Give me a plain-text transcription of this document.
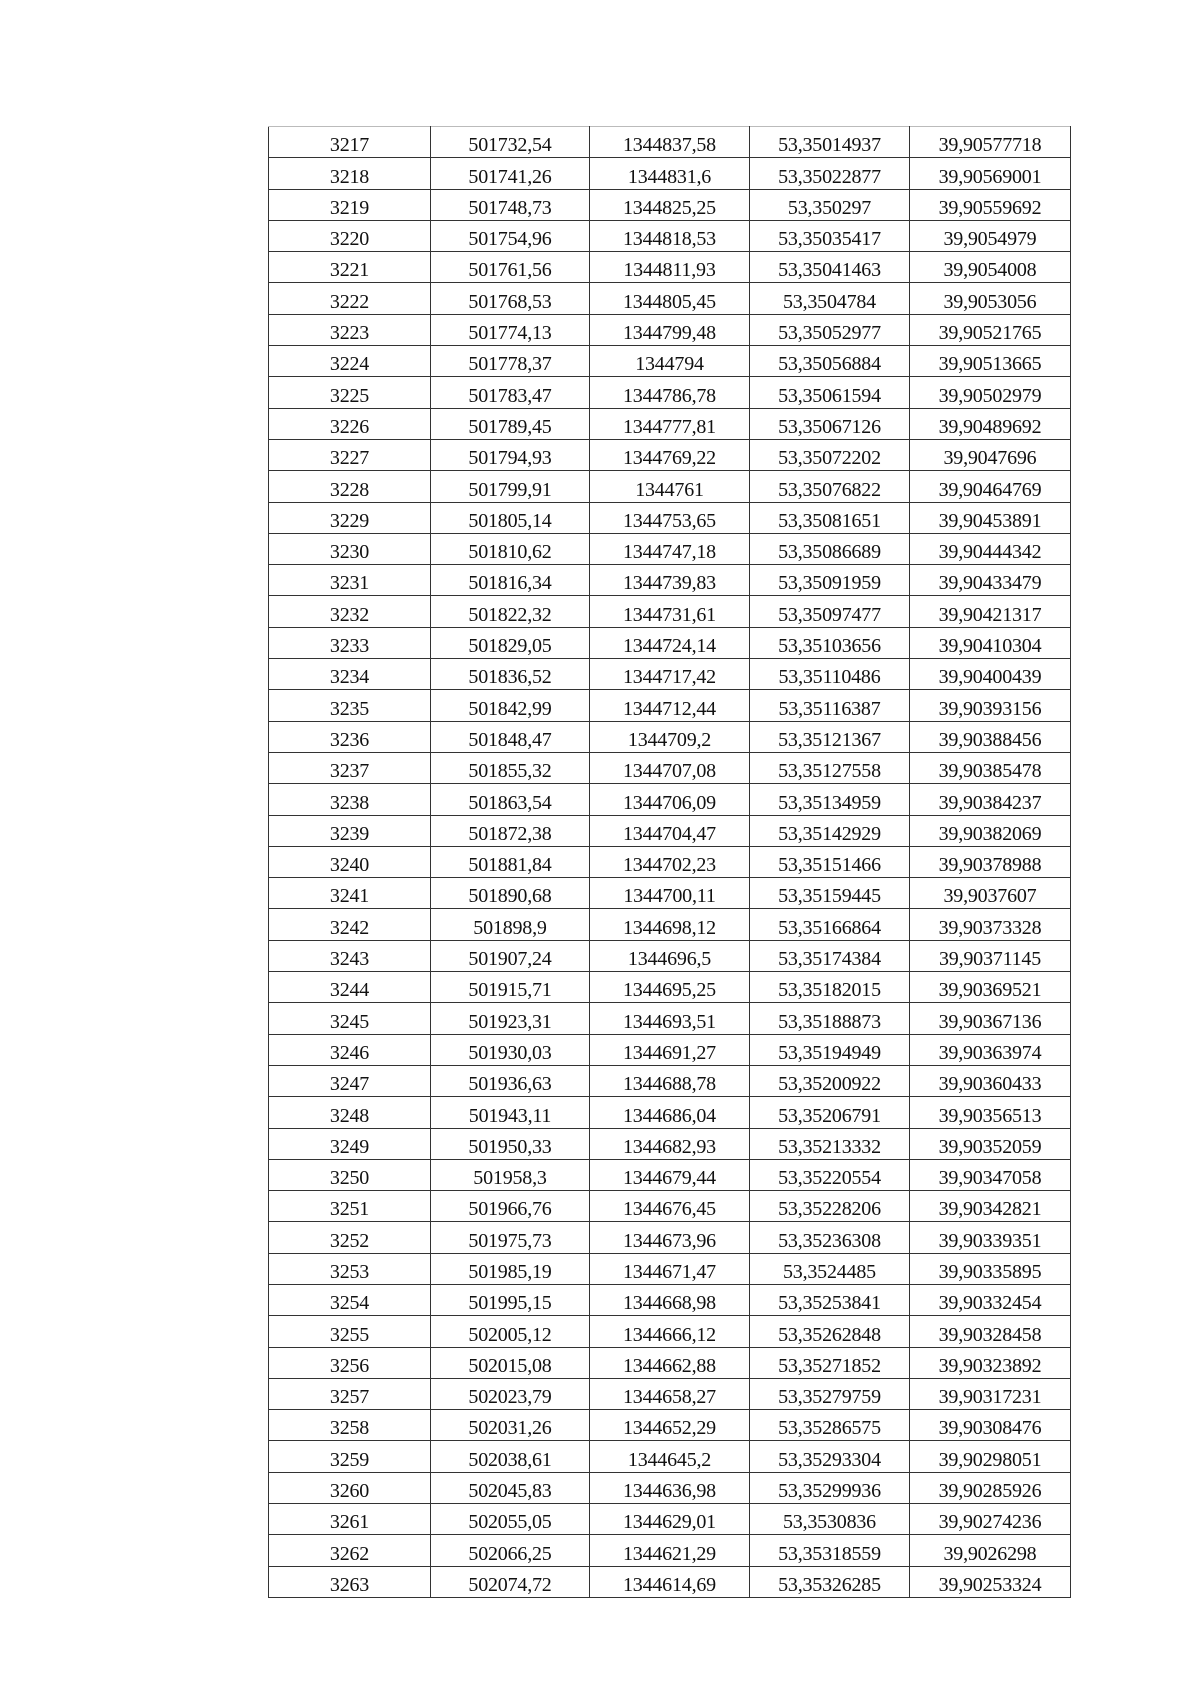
3217	501732,54	1344837,58	53,35014937	39,90577718
3218	501741,26	1344831,6	53,35022877	39,90569001
3219	501748,73	1344825,25	53,350297	39,90559692
3220	501754,96	1344818,53	53,35035417	39,9054979
3221	501761,56	1344811,93	53,35041463	39,9054008
3222	501768,53	1344805,45	53,3504784	39,9053056
3223	501774,13	1344799,48	53,35052977	39,90521765
3224	501778,37	1344794	53,35056884	39,90513665
3225	501783,47	1344786,78	53,35061594	39,90502979
3226	501789,45	1344777,81	53,35067126	39,90489692
3227	501794,93	1344769,22	53,35072202	39,9047696
3228	501799,91	1344761	53,35076822	39,90464769
3229	501805,14	1344753,65	53,35081651	39,90453891
3230	501810,62	1344747,18	53,35086689	39,90444342
3231	501816,34	1344739,83	53,35091959	39,90433479
3232	501822,32	1344731,61	53,35097477	39,90421317
3233	501829,05	1344724,14	53,35103656	39,90410304
3234	501836,52	1344717,42	53,35110486	39,90400439
3235	501842,99	1344712,44	53,35116387	39,90393156
3236	501848,47	1344709,2	53,35121367	39,90388456
3237	501855,32	1344707,08	53,35127558	39,90385478
3238	501863,54	1344706,09	53,35134959	39,90384237
3239	501872,38	1344704,47	53,35142929	39,90382069
3240	501881,84	1344702,23	53,35151466	39,90378988
3241	501890,68	1344700,11	53,35159445	39,9037607
3242	501898,9	1344698,12	53,35166864	39,90373328
3243	501907,24	1344696,5	53,35174384	39,90371145
3244	501915,71	1344695,25	53,35182015	39,90369521
3245	501923,31	1344693,51	53,35188873	39,90367136
3246	501930,03	1344691,27	53,35194949	39,90363974
3247	501936,63	1344688,78	53,35200922	39,90360433
3248	501943,11	1344686,04	53,35206791	39,90356513
3249	501950,33	1344682,93	53,35213332	39,90352059
3250	501958,3	1344679,44	53,35220554	39,90347058
3251	501966,76	1344676,45	53,35228206	39,90342821
3252	501975,73	1344673,96	53,35236308	39,90339351
3253	501985,19	1344671,47	53,3524485	39,90335895
3254	501995,15	1344668,98	53,35253841	39,90332454
3255	502005,12	1344666,12	53,35262848	39,90328458
3256	502015,08	1344662,88	53,35271852	39,90323892
3257	502023,79	1344658,27	53,35279759	39,90317231
3258	502031,26	1344652,29	53,35286575	39,90308476
3259	502038,61	1344645,2	53,35293304	39,90298051
3260	502045,83	1344636,98	53,35299936	39,90285926
3261	502055,05	1344629,01	53,3530836	39,90274236
3262	502066,25	1344621,29	53,35318559	39,9026298
3263	502074,72	1344614,69	53,35326285	39,90253324
